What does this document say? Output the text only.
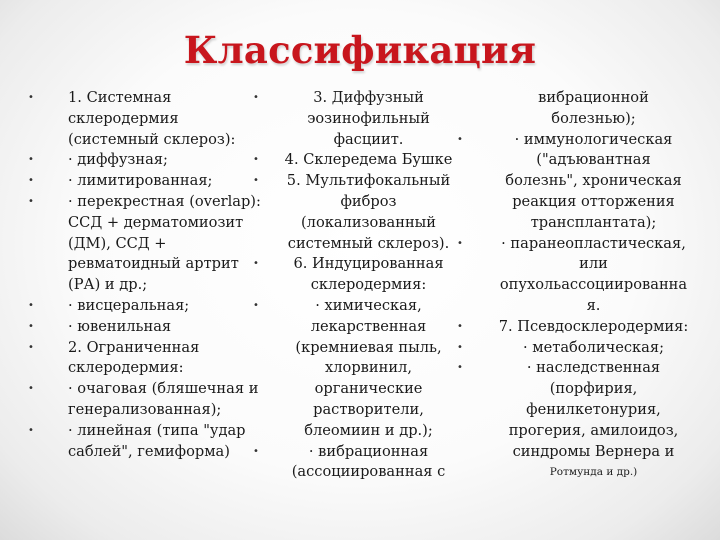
Классификация
• 1. Системная
склеродермия
(системный склероз):
• · диффузная;
• · лимитированная;
• · перекрестная (overlap):
ССД + дерматомиозит
(ДМ), ССД +
ревматоидный артрит
(РА) и др.;
• · висцеральная;
• · ювенильная
• 2. Ограниченная
склеродермия:
• · очаговая (бляшечная и
генерализованная);
• · линейная (типа "удар
саблей", гемиформа)
•	3. Диффузный
эозинофильный
фасциит.
• 4. Склередема Бушке
• 5. Мультифокальный
фиброз
(локализованный
системный склероз).
•	6. Индуцированная
склеродермия:
•	· химическая,
лекарственная
(кремниевая пыль,
хлорвинил,
органические
растворители,
блеомиин и др.);
•	· вибрационная
(ассоциированная с
вибрационной
болезнью);
•	· иммунологическая
("адъювантная
болезнь", хроническая
реакция отторжения
трансплантата);
•	· паранеопластическая,
или
опухольассоциированна
я.
•	7. Псевдосклеродермия:
•	· метаболическая;
•	· наследственная
(порфирия,
фенилкетонурия,
прогерия, амилоидоз,
синдромы Вернера и
Ротмунда и др.)
